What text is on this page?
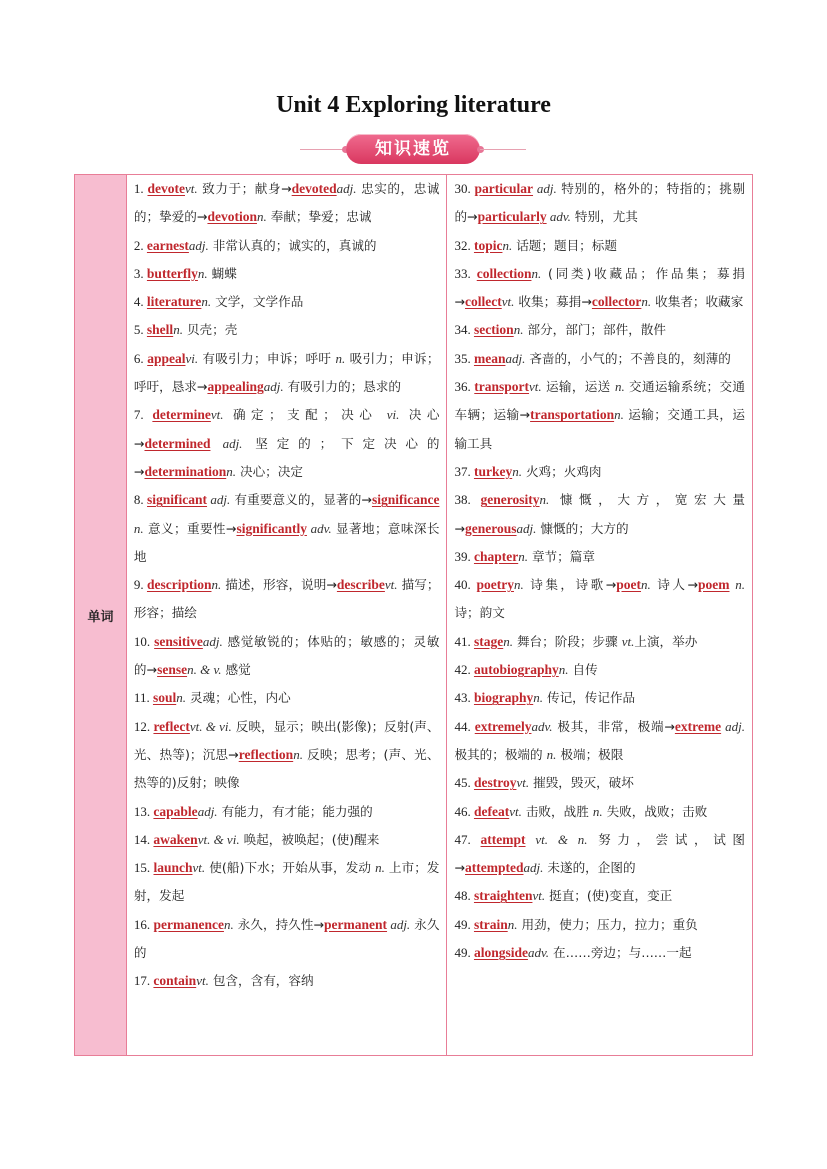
Unit 4 Exploring literature
知识速览
单词

1. devotevt. 致力于；献身→devotedadj. 忠实的，忠诚的；挚爱的→devotionn. 奉献；挚爱；忠诚

2. earnestadj. 非常认真的；诚实的，真诚的

3. butterflyn. 蝴蝶

4. literaturen. 文学，文学作品

5. shelln. 贝壳；壳

6. appealvi. 有吸引力；申诉；呼吁 n. 吸引力；申诉；呼吁，恳求→appealingadj. 有吸引力的；恳求的

7. determinevt. 确定；支配；决心 vi. 决心→determined adj. 坚定的；下定决心的→determinationn. 决心；决定

8. significant adj. 有重要意义的，显著的→significance n. 意义；重要性→significantly adv. 显著地；意味深长地

9. descriptionn. 描述，形容，说明→describevt. 描写；形容；描绘

10. sensitiveadj. 感觉敏锐的；体贴的；敏感的；灵敏的→sensen. & v. 感觉

11. souln. 灵魂；心性，内心

12. reflectvt. & vi. 反映，显示；映出(影像)；反射(声、光、热等)；沉思→reflectionn. 反映；思考；(声、光、热等的)反射；映像

13. capableadj. 有能力，有才能；能力强的

14. awakenvt. & vi. 唤起，被唤起；(使)醒来

15. launchvt. 使(船)下水；开始从事，发动 n. 上市；发射，发起

16. permanencen. 永久，持久性→permanent adj. 永久的

17. containvt. 包含，含有，容纳

30. particular adj. 特别的，格外的；特指的；挑剔的→particularly adv. 特别，尤其

32. topicn. 话题；题目；标题

33. collectionn. (同类)收藏品；作品集；募捐→collectvt. 收集；募捐→collectorn. 收集者；收藏家

34. sectionn. 部分，部门；部件，散件

35. meanadj. 吝啬的，小气的；不善良的，刻薄的

36. transportvt. 运输，运送 n. 交通运输系统；交通车辆；运输→transportationn. 运输；交通工具，运输工具

37. turkeyn. 火鸡；火鸡肉

38. generosityn. 慷慨，大方，宽宏大量→generousadj. 慷慨的；大方的

39. chaptern. 章节；篇章

40. poetryn. 诗集，诗歌→poetn. 诗人→poem n. 诗；韵文

41. stagen. 舞台；阶段；步骤 vt.上演，举办

42. autobiographyn. 自传

43. biographyn. 传记，传记作品

44. extremelyadv. 极其，非常，极端→extreme adj. 极其的；极端的 n. 极端；极限

45. destroyvt. 摧毁，毁灭，破坏

46. defeatvt. 击败，战胜 n. 失败，战败；击败

47. attempt vt. & n. 努力，尝试，试图→attemptedadj. 未遂的，企图的

48. straightenvt. 挺直；(使)变直，变正

49. strainn. 用劲，使力；压力，拉力；重负

49. alongsideadv. 在……旁边；与……一起
